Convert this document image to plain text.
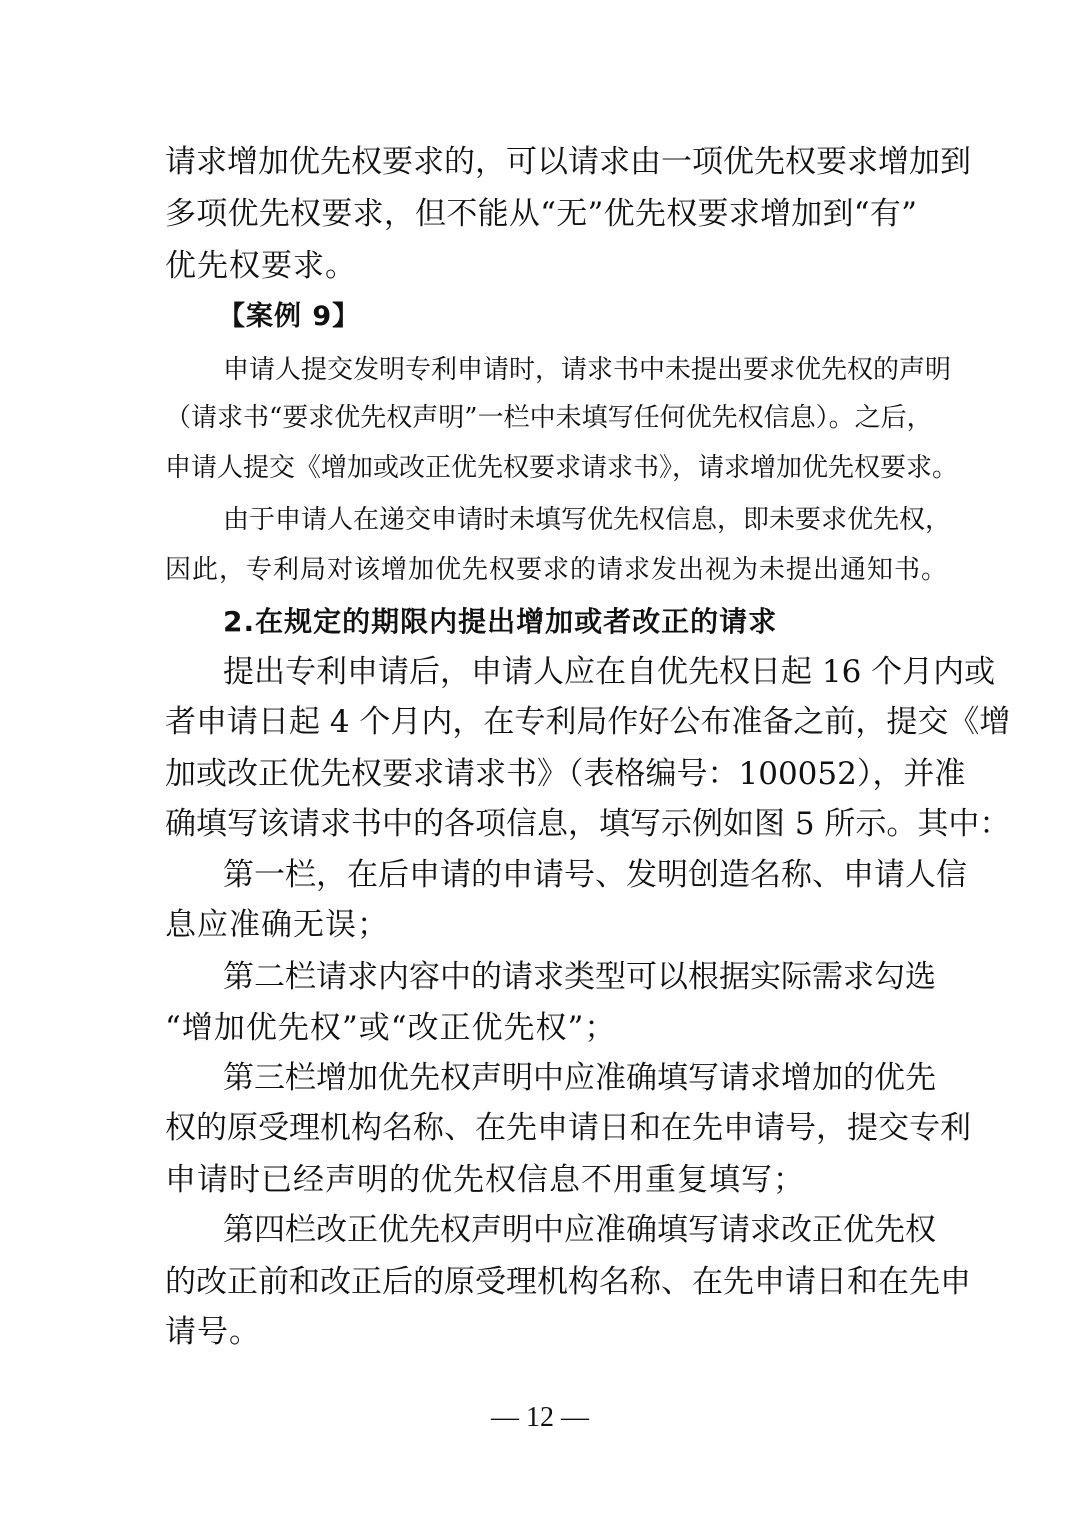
请求增加优先权要求的，可以请求由一项优先权要求增加到
多项优先权要求，但不能从“无”优先权要求增加到“有”
优先权要求。
【案例 9】
申请人提交发明专利申请时，请求书中未提出要求优先权的声明
（请求书“要求优先权声明”一栏中未填写任何优先权信息）。之后，
申请人提交《增加或改正优先权要求请求书》，请求增加优先权要求。
由于申请人在递交申请时未填写优先权信息，即未要求优先权，
因此，专利局对该增加优先权要求的请求发出视为未提出通知书。
2.在规定的期限内提出增加或者改正的请求
提出专利申请后，申请人应在自优先权日起 16 个月内或
者申请日起 4 个月内，在专利局作好公布准备之前，提交《增
加或改正优先权要求请求书》（表格编号：100052），并准
确填写该请求书中的各项信息，填写示例如图 5 所示。其中：
第一栏，在后申请的申请号、发明创造名称、申请人信
息应准确无误；
第二栏请求内容中的请求类型可以根据实际需求勾选
“增加优先权”或“改正优先权”；
第三栏增加优先权声明中应准确填写请求增加的优先
权的原受理机构名称、在先申请日和在先申请号，提交专利
申请时已经声明的优先权信息不用重复填写；
第四栏改正优先权声明中应准确填写请求改正优先权
的改正前和改正后的原受理机构名称、在先申请日和在先申
请号。
— 12 —
